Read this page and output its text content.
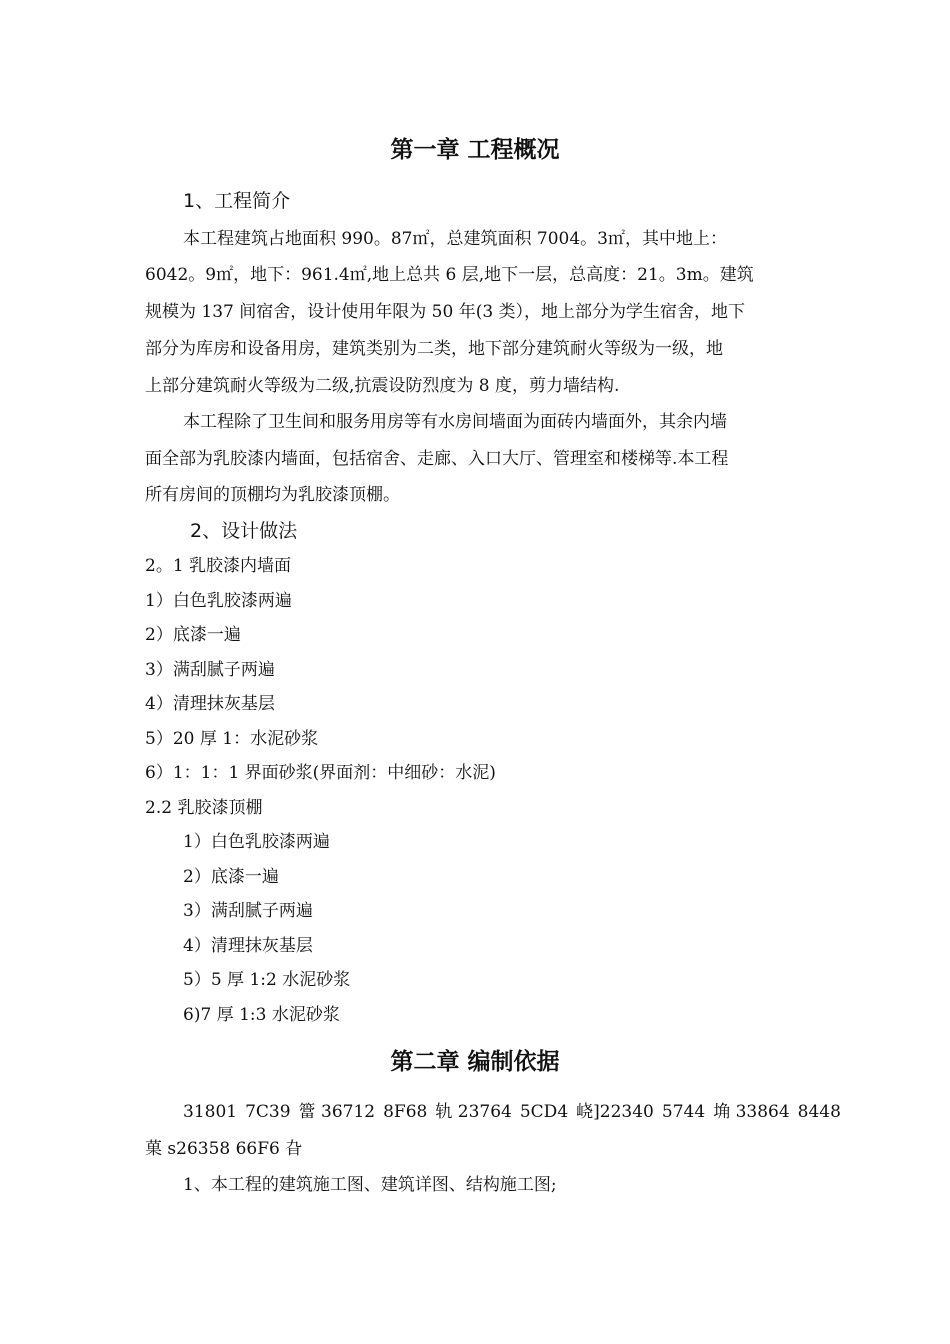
第一章 工程概况
1、工程简介
本工程建筑占地面积 990。87㎡，总建筑面积 7004。3㎡，其中地上：
6042。9㎡，地下：961.4㎡,地上总共 6 层,地下一层，总高度：21。3m。建筑
规模为 137 间宿舍，设计使用年限为 50 年(3 类），地上部分为学生宿舍，地下
部分为库房和设备用房，建筑类别为二类，地下部分建筑耐火等级为一级，地
上部分建筑耐火等级为二级,抗震设防烈度为 8 度，剪力墙结构.
本工程除了卫生间和服务用房等有水房间墙面为面砖内墙面外，其余内墙
面全部为乳胶漆内墙面，包括宿舍、走廊、入口大厅、管理室和楼梯等.本工程
所有房间的顶棚均为乳胶漆顶棚。
2、设计做法
2。1 乳胶漆内墙面
1）白色乳胶漆两遍
2）底漆一遍
3）满刮腻子两遍
4）清理抹灰基层
5）20 厚 1：水泥砂浆
6）1：1：1 界面砂浆(界面剂：中细砂：水泥)
2.2 乳胶漆顶棚
1）白色乳胶漆两遍
2）底漆一遍
3）满刮腻子两遍
4）清理抹灰基层
5）5 厚 1:2 水泥砂浆
6)7 厚 1:3 水泥砂浆
第二章 编制依据
31801 7C39 簹 36712 8F68 轨 23764 5CD4 峣]22340 5744 埆 33864 8448
菓 s26358 66F6 旮
1、本工程的建筑施工图、建筑详图、结构施工图;
